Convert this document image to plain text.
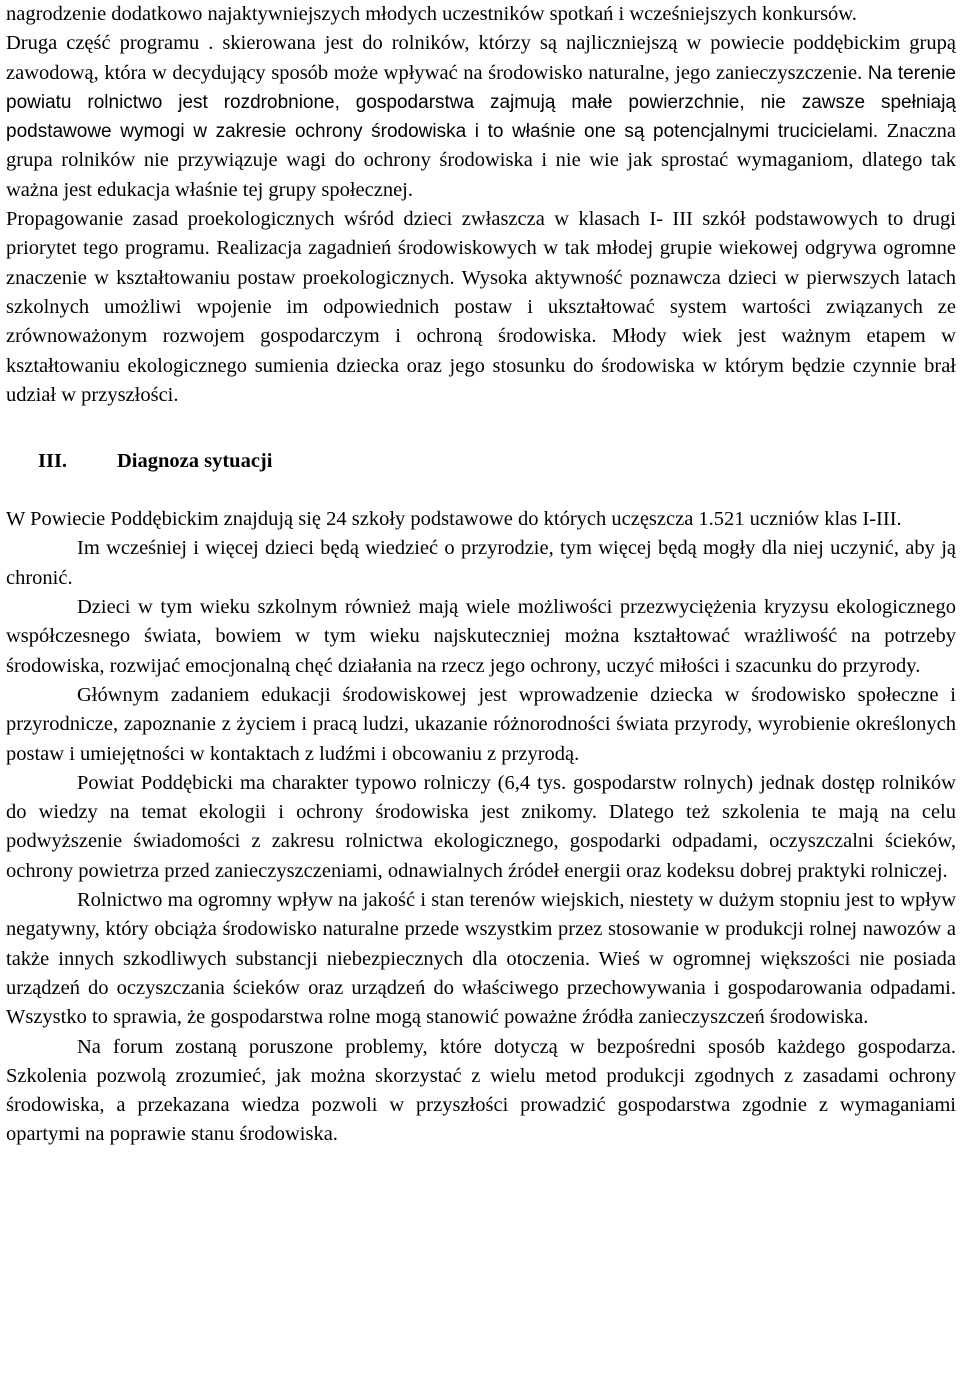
nagrodzenie dodatkowo najaktywniejszych młodych uczestników spotkań i wcześniejszych konkursów.

Druga część programu . skierowana jest do rolników, którzy są najliczniejszą w powiecie poddębickim grupą zawodową, która w decydujący sposób może wpływać na środowisko naturalne, jego zanieczyszczenie. Na terenie powiatu rolnictwo jest rozdrobnione, gospodarstwa zajmują małe powierzchnie, nie zawsze spełniają podstawowe wymogi w zakresie ochrony środowiska i to właśnie one są potencjalnymi trucicielami. Znaczna grupa rolników nie przywiązuje wagi do ochrony środowiska i nie wie jak sprostać wymaganiom, dlatego tak ważna jest edukacja właśnie tej grupy społecznej.

Propagowanie zasad proekologicznych wśród dzieci zwłaszcza w klasach I- III szkół podstawowych to drugi priorytet tego programu. Realizacja zagadnień środowiskowych w tak młodej grupie wiekowej odgrywa ogromne znaczenie w kształtowaniu postaw proekologicznych. Wysoka aktywność poznawcza dzieci w pierwszych latach szkolnych umożliwi wpojenie im odpowiednich postaw i ukształtować system wartości związanych ze zrównoważonym rozwojem gospodarczym i ochroną środowiska. Młody wiek jest ważnym etapem w kształtowaniu ekologicznego sumienia dziecka oraz jego stosunku do środowiska w którym będzie czynnie brał udział w przyszłości.

III. Diagnoza sytuacji

W Powiecie Poddębickim znajdują się 24 szkoły podstawowe do których uczęszcza 1.521 uczniów klas I-III.

Im wcześniej i więcej dzieci będą wiedzieć o przyrodzie, tym więcej będą mogły dla niej uczynić, aby ją chronić.

Dzieci w tym wieku szkolnym również mają wiele możliwości przezwyciężenia kryzysu ekologicznego współczesnego świata, bowiem w tym wieku najskuteczniej można kształtować wrażliwość na potrzeby środowiska, rozwijać emocjonalną chęć działania na rzecz jego ochrony, uczyć miłości i szacunku do przyrody.

Głównym zadaniem edukacji środowiskowej jest wprowadzenie dziecka w środowisko społeczne i przyrodnicze, zapoznanie z życiem i pracą ludzi, ukazanie różnorodności świata przyrody, wyrobienie określonych postaw i umiejętności w kontaktach z ludźmi i obcowaniu z przyrodą.

Powiat Poddębicki ma charakter typowo rolniczy (6,4 tys. gospodarstw rolnych) jednak dostęp rolników do wiedzy na temat ekologii i ochrony środowiska jest znikomy. Dlatego też szkolenia te mają na celu podwyższenie świadomości z zakresu rolnictwa ekologicznego, gospodarki odpadami, oczyszczalni ścieków, ochrony powietrza przed zanieczyszczeniami, odnawialnych źródeł energii oraz kodeksu dobrej praktyki rolniczej.

Rolnictwo ma ogromny wpływ na jakość i stan terenów wiejskich, niestety w dużym stopniu jest to wpływ negatywny, który obciąża środowisko naturalne przede wszystkim przez stosowanie w produkcji rolnej nawozów a także innych szkodliwych substancji niebezpiecznych dla otoczenia. Wieś w ogromnej większości nie posiada urządzeń do oczyszczania ścieków oraz urządzeń do właściwego przechowywania i gospodarowania odpadami. Wszystko to sprawia, że gospodarstwa rolne mogą stanowić poważne źródła zanieczyszczeń środowiska.

Na forum zostaną poruszone problemy, które dotyczą w bezpośredni sposób każdego gospodarza. Szkolenia pozwolą zrozumieć, jak można skorzystać z wielu metod produkcji zgodnych z zasadami ochrony środowiska, a przekazana wiedza pozwoli w przyszłości prowadzić gospodarstwa zgodnie z wymaganiami opartymi na poprawie stanu środowiska.
